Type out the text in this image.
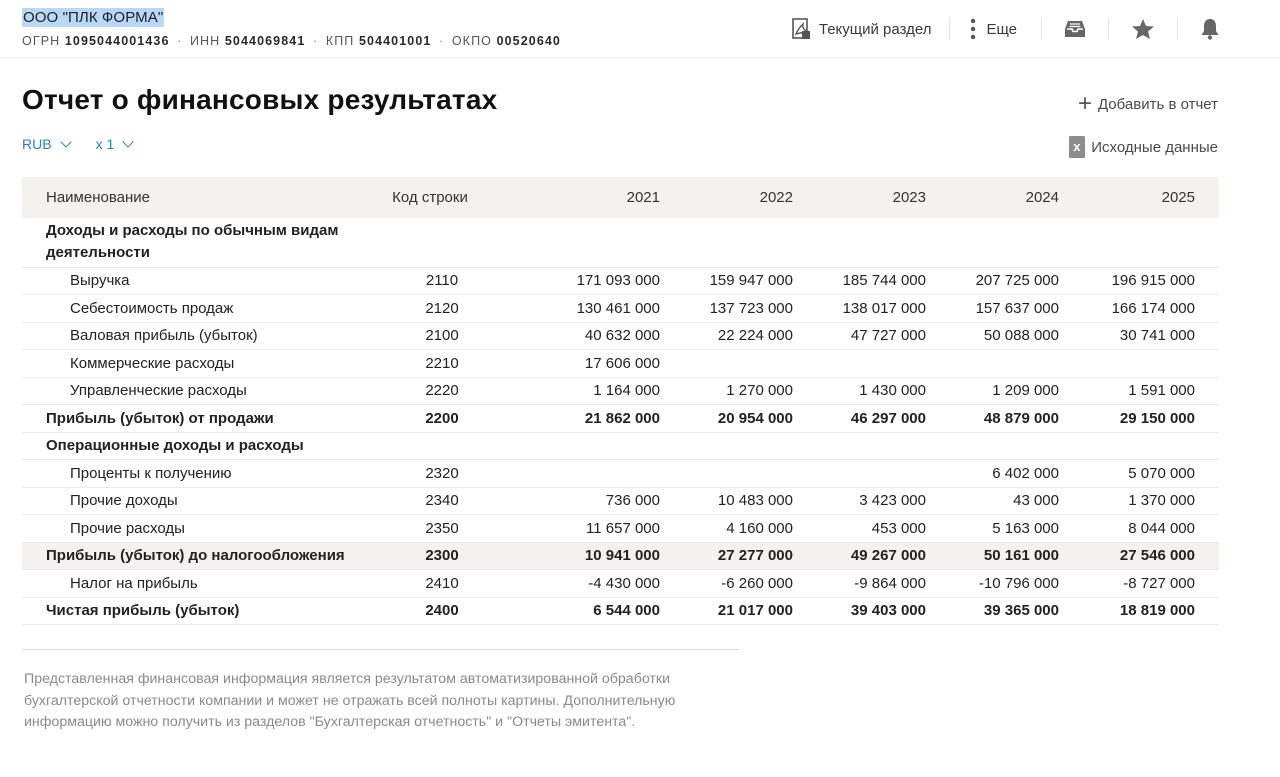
ООО "ПЛК ФОРМА"
ОГРН 1095044001436 · ИНН 5044069841 · КПП 504401001 · ОКПО 00520640
Текущий раздел	Еще
Отчет о финансовых результатах	+ Добавить в отчет
RUB	x 1 x	Исходные данные
Наименование	Код строки	2021	2022	2023	2024	2025
Доходы и расходы по обычным видам деятельности						
Выручка	2110	171 093 000	159 947 000	185 744 000	207 725 000	196 915 000
Себестоимость продаж	2120	130 461 000	137 723 000	138 017 000	157 637 000	166 174 000
Валовая прибыль (убыток)	2100	40 632 000	22 224 000	47 727 000	50 088 000	30 741 000
Коммерческие расходы	2210	17 606 000				
Управленческие расходы	2220	1 164 000	1 270 000	1 430 000	1 209 000	1 591 000
Прибыль (убыток) от продажи	2200	21 862 000	20 954 000	46 297 000	48 879 000	29 150 000
Операционные доходы и расходы						
Проценты к получению	2320				6 402 000	5 070 000
Прочие доходы	2340	736 000	10 483 000	3 423 000	43 000	1 370 000
Прочие расходы	2350	11 657 000	4 160 000	453 000	5 163 000	8 044 000
Прибыль (убыток) до налогообложения	2300	10 941 000	27 277 000	49 267 000	50 161 000	27 546 000
Налог на прибыль	2410	-4 430 000	-6 260 000	-9 864 000	-10 796 000	-8 727 000
Чистая прибыль (убыток)	2400	6 544 000	21 017 000	39 403 000	39 365 000	18 819 000

Представленная финансовая информация является результатом автоматизированной обработки бухгалтерской отчетности компании и может не отражать всей полноты картины. Дополнительную информацию можно получить из разделов "Бухгалтерская отчетность" и "Отчеты эмитента".
